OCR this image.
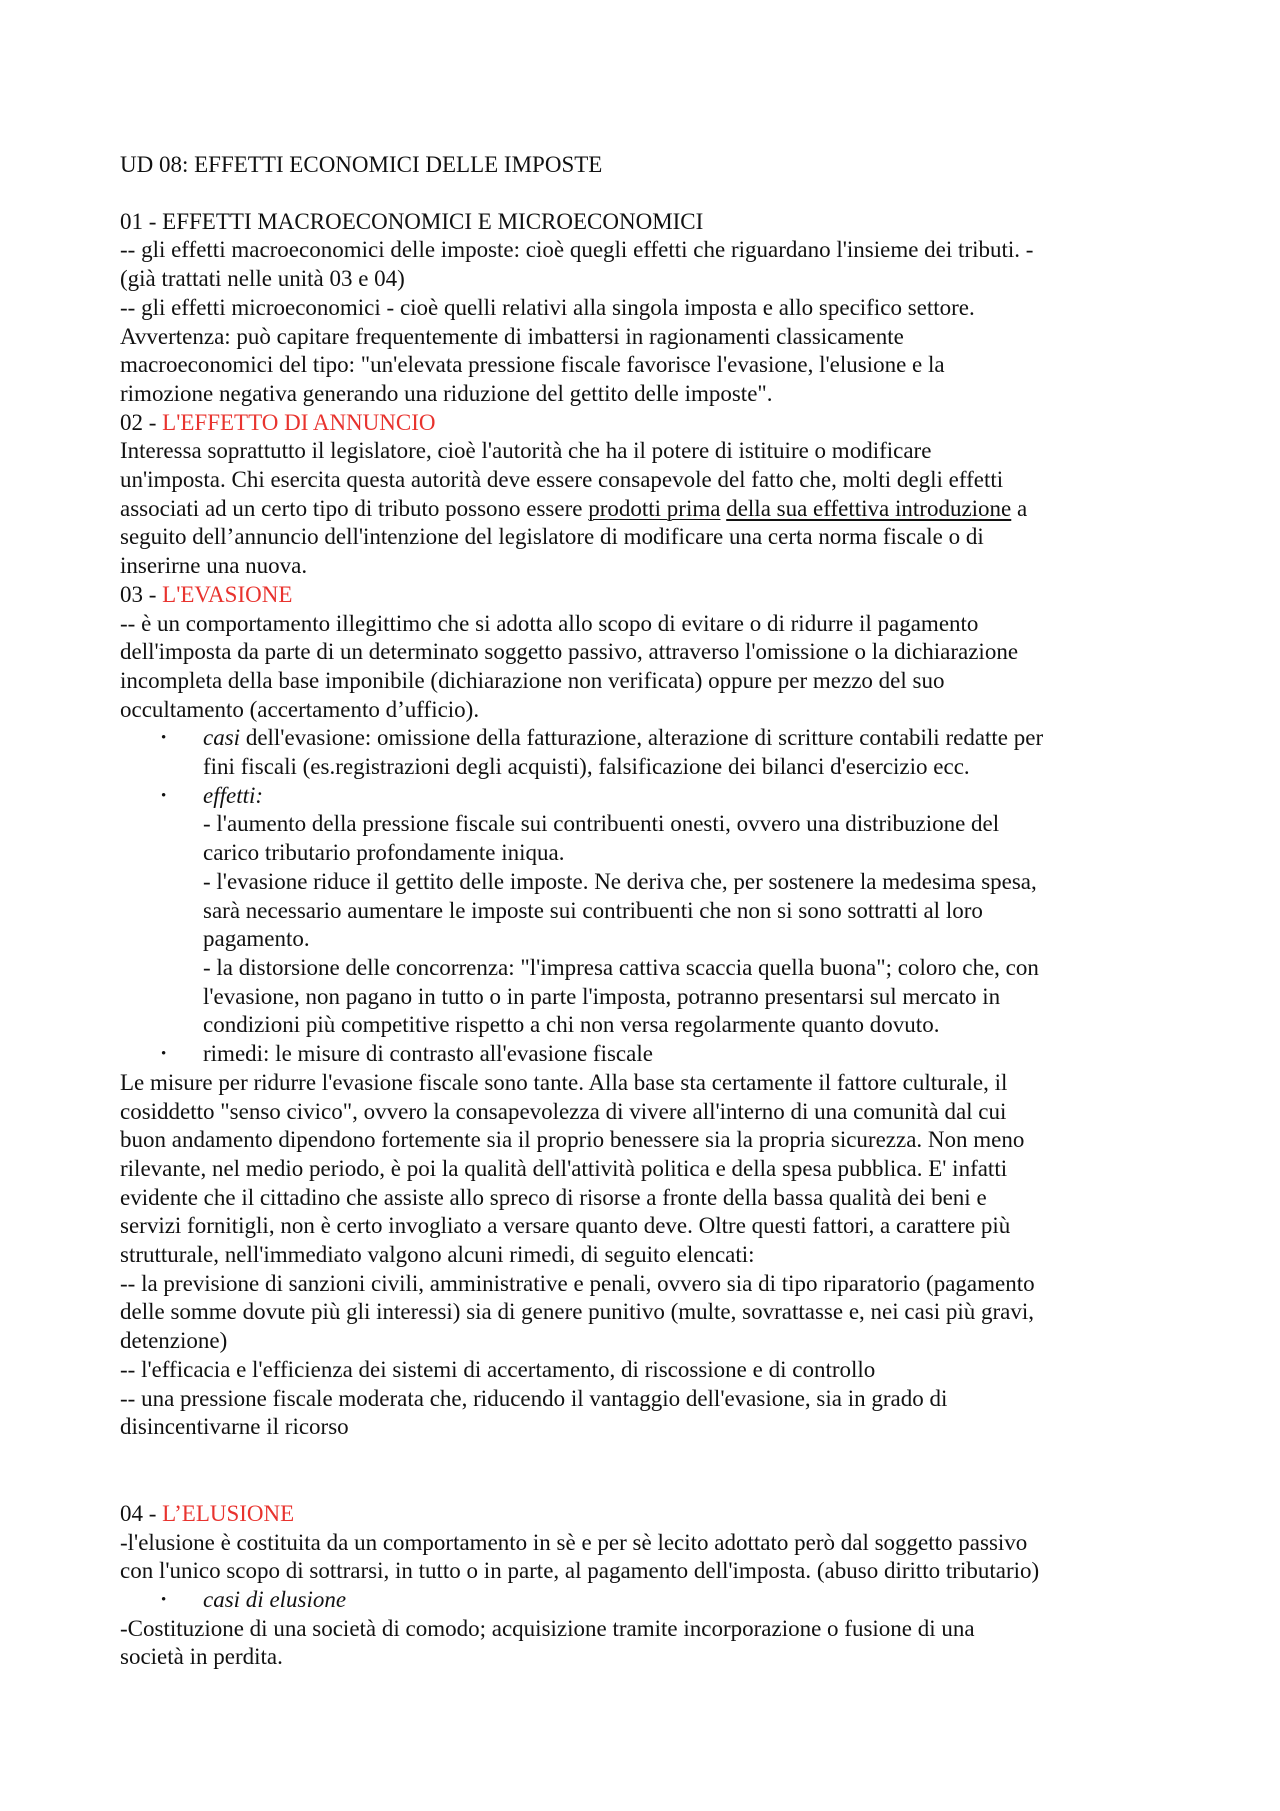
UD 08: EFFETTI ECONOMICI DELLE IMPOSTE

01 - EFFETTI MACROECONOMICI E MICROECONOMICI

-- gli effetti macroeconomici delle imposte: cioè quegli effetti che riguardano l'insieme dei tributi. -

(già trattati nelle unità 03 e 04)

-- gli effetti microeconomici - cioè quelli relativi alla singola imposta e allo specifico settore.

Avvertenza: può capitare frequentemente di imbattersi in ragionamenti classicamente

macroeconomici del tipo: "un'elevata pressione fiscale favorisce l'evasione, l'elusione e la

rimozione negativa generando una riduzione del gettito delle imposte".

02 - L'EFFETTO DI ANNUNCIO

Interessa soprattutto il legislatore, cioè l'autorità che ha il potere di istituire o modificare

un'imposta. Chi esercita questa autorità deve essere consapevole del fatto che, molti degli effetti

associati ad un certo tipo di tributo possono essere prodotti prima della sua effettiva introduzione a

seguito dell’annuncio dell'intenzione del legislatore di modificare una certa norma fiscale o di

inserirne una nuova.

03 - L'EVASIONE

-- è un comportamento illegittimo che si adotta allo scopo di evitare o di ridurre il pagamento

dell'imposta da parte di un determinato soggetto passivo, attraverso l'omissione o la dichiarazione

incompleta della base imponibile (dichiarazione non verificata) oppure per mezzo del suo

occultamento (accertamento d’ufficio).

• casi dell'evasione: omissione della fatturazione, alterazione di scritture contabili redatte per

fini fiscali (es.registrazioni degli acquisti), falsificazione dei bilanci d'esercizio ecc.

• effetti:

- l'aumento della pressione fiscale sui contribuenti onesti, ovvero una distribuzione del

carico tributario profondamente iniqua.

- l'evasione riduce il gettito delle imposte. Ne deriva che, per sostenere la medesima spesa,

sarà necessario aumentare le imposte sui contribuenti che non si sono sottratti al loro

pagamento.

- la distorsione delle concorrenza: "l'impresa cattiva scaccia quella buona"; coloro che, con

l'evasione, non pagano in tutto o in parte l'imposta, potranno presentarsi sul mercato in

condizioni più competitive rispetto a chi non versa regolarmente quanto dovuto.

• rimedi: le misure di contrasto all'evasione fiscale

Le misure per ridurre l'evasione fiscale sono tante. Alla base sta certamente il fattore culturale, il

cosiddetto "senso civico", ovvero la consapevolezza di vivere all'interno di una comunità dal cui

buon andamento dipendono fortemente sia il proprio benessere sia la propria sicurezza. Non meno

rilevante, nel medio periodo, è poi la qualità dell'attività politica e della spesa pubblica. E' infatti

evidente che il cittadino che assiste allo spreco di risorse a fronte della bassa qualità dei beni e

servizi fornitigli, non è certo invogliato a versare quanto deve. Oltre questi fattori, a carattere più

strutturale, nell'immediato valgono alcuni rimedi, di seguito elencati:

-- la previsione di sanzioni civili, amministrative e penali, ovvero sia di tipo riparatorio (pagamento

delle somme dovute più gli interessi) sia di genere punitivo (multe, sovrattasse e, nei casi più gravi,

detenzione)

-- l'efficacia e l'efficienza dei sistemi di accertamento, di riscossione e di controllo

-- una pressione fiscale moderata che, riducendo il vantaggio dell'evasione, sia in grado di

disincentivarne il ricorso

04 - L’ELUSIONE

-l'elusione è costituita da un comportamento in sè e per sè lecito adottato però dal soggetto passivo

con l'unico scopo di sottrarsi, in tutto o in parte, al pagamento dell'imposta. (abuso diritto tributario)

• casi di elusione

-Costituzione di una società di comodo; acquisizione tramite incorporazione o fusione di una

società in perdita.
